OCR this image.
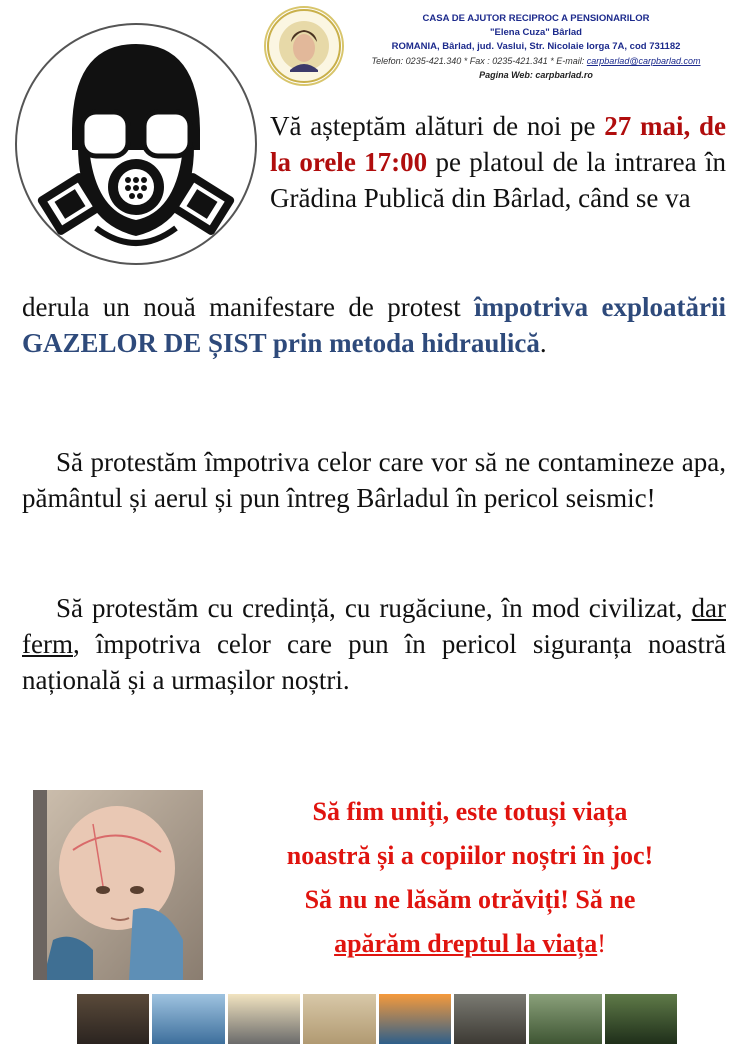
CASA DE AJUTOR RECIPROC A PENSIONARILOR
"Elena Cuza" Bârlad
ROMANIA, Bârlad, jud. Vaslui, Str. Nicolaie Iorga 7A, cod 731182
Telefon: 0235-421.340 * Fax : 0235-421.341 * E-mail: carpbarlad@carpbarlad.com
Pagina Web: carpbarlad.ro
Vă așteptăm alături de noi pe 27 mai, de la orele 17:00 pe platoul de la intrarea în Grădina Publică din Bârlad, când se va
derula un nouă manifestare de protest împotriva exploatării GAZELOR DE ȘIST prin metoda hidraulică.
Să protestăm împotriva celor care vor să ne contamineze apa, pământul și aerul și pun întreg Bârladul în pericol seismic!
Să protestăm cu credință, cu rugăciune, în mod civilizat, dar ferm, împotriva celor care pun în pericol siguranța noastră națională și a urmașilor noștri.
Să fim uniți, este totuși viața
noastră și a copiilor noștri în joc!
Să nu ne lăsăm otrăviți! Să ne
apărăm dreptul la viața!
